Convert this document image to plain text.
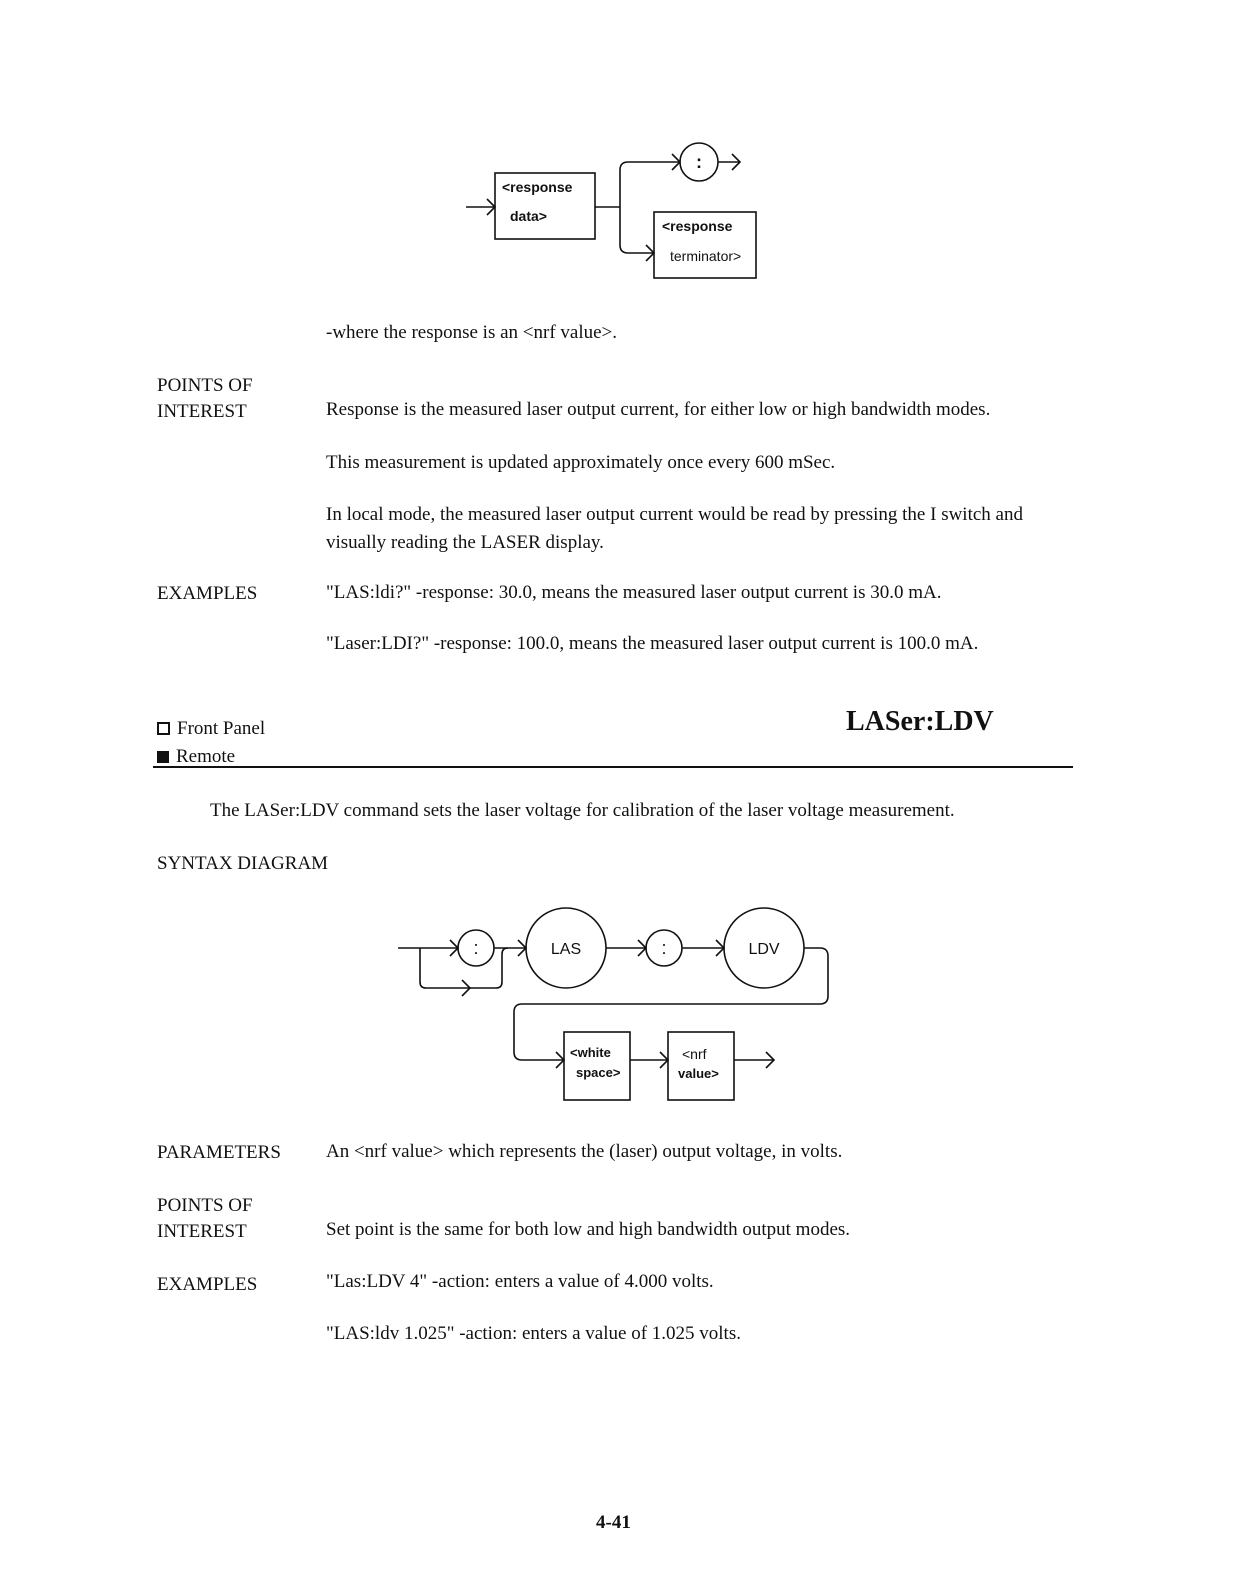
<response
data>
:
<response
terminator>
-where the response is an <nrf value>.
POINTS OF
INTEREST	Response is the measured laser output current, for either low or high bandwidth modes.
This measurement is updated approximately once every 600 mSec.
In local mode, the measured laser output current would be read by pressing the I switch and visually reading the LASER display.
EXAMPLES	"LAS:ldi?" -response: 30.0, means the measured laser output current is 30.0 mA.
"Laser:LDI?" -response: 100.0, means the measured laser output current is 100.0 mA.
Front Panel
Remote
LASer:LDV
The LASer:LDV command sets the laser voltage for calibration of the laser voltage measurement.
SYNTAX DIAGRAM
:	LAS	:	LDV
<white
space>
<nrf
value>
PARAMETERS An <nrf value> which represents the (laser) output voltage, in volts.
POINTS OF
INTEREST	Set point is the same for both low and high bandwidth output modes.
EXAMPLES	"Las:LDV 4" -action: enters a value of 4.000 volts.
"LAS:ldv 1.025" -action: enters a value of 1.025 volts.
4-41
